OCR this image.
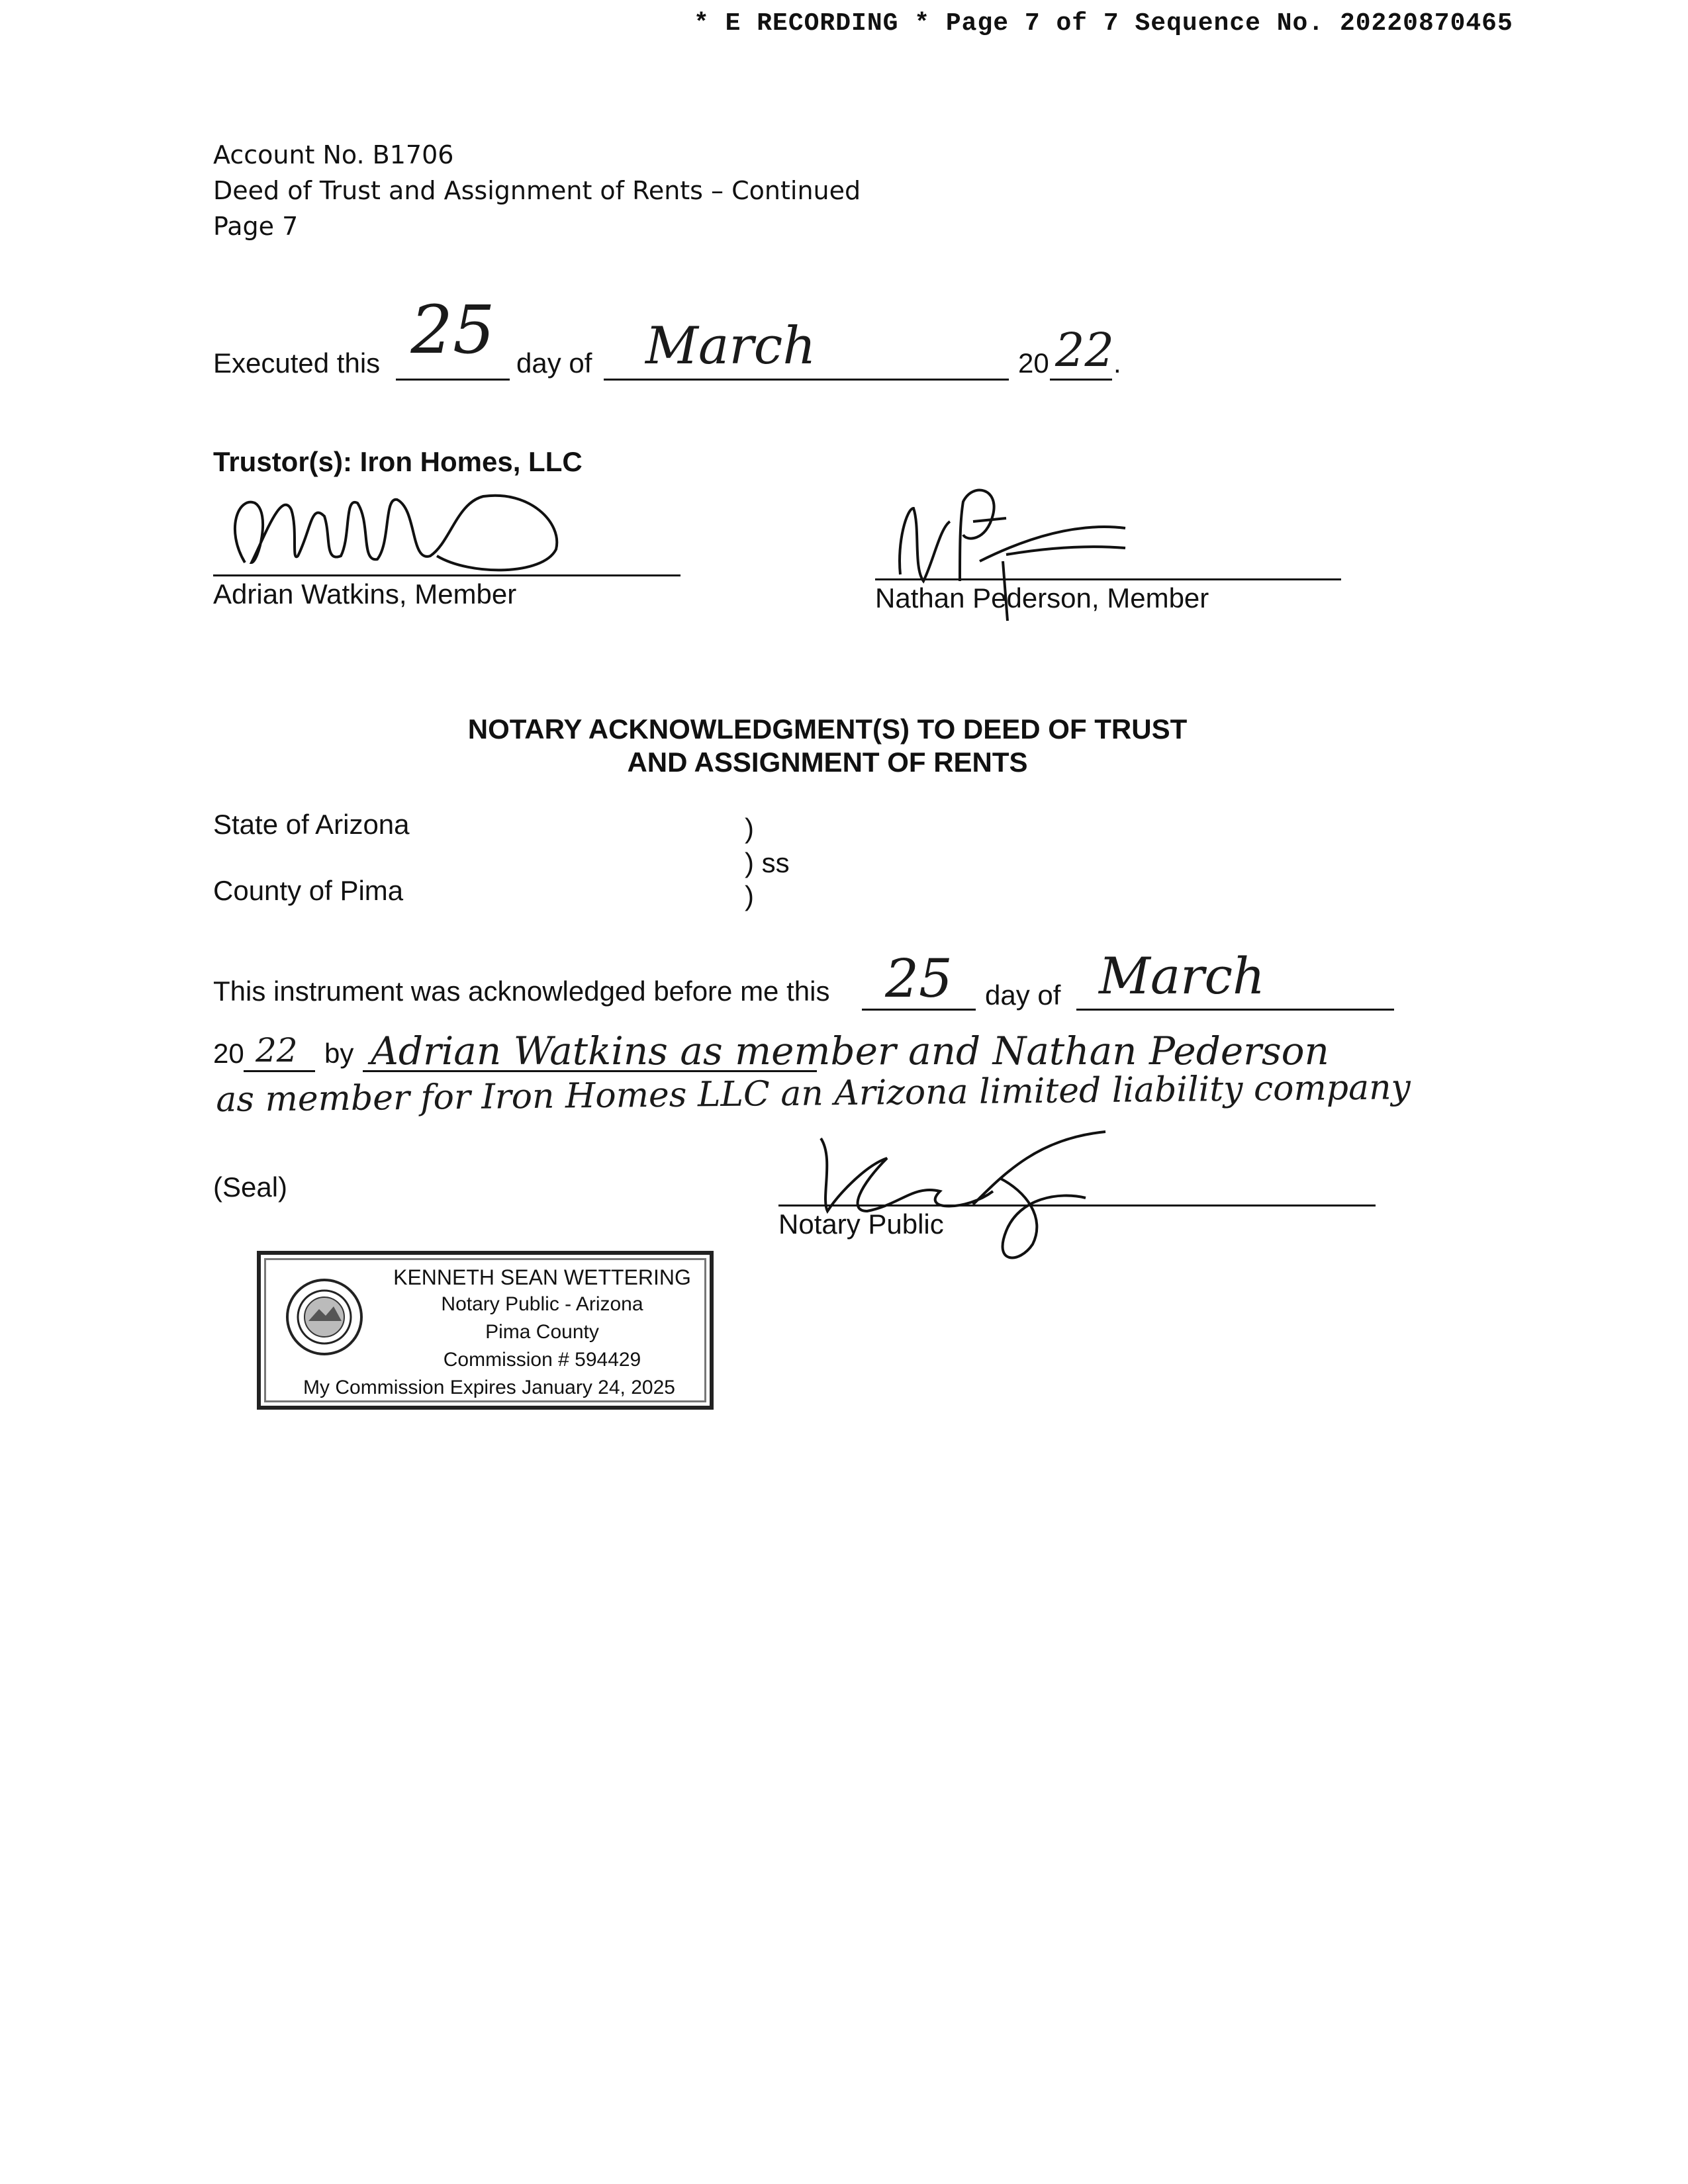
* E RECORDING * Page 7 of 7 Sequence No. 20220870465
Account No. B1706
Deed of Trust and Assignment of Rents – Continued
Page 7
Executed this 25 day of March	20 22
.
Trustor(s): Iron Homes, LLC
Adrian Watkins, Member	Nathan Pederson, Member
NOTARY ACKNOWLEDGMENT(S) TO DEED OF TRUST
AND ASSIGNMENT OF RENTS
State of Arizona	)
) ss
County of Pima	)
This instrument was acknowledged before me this	25	day of March
20 22 by Adrian Watkins as member and Nathan Pederson
as member for Iron Homes LLC an Arizona limited liability company
(Seal)
Notary Public
KENNETH SEAN WETTERING
Notary Public - Arizona
Pima County
Commission # 594429
My Commission Expires January 24, 2025
